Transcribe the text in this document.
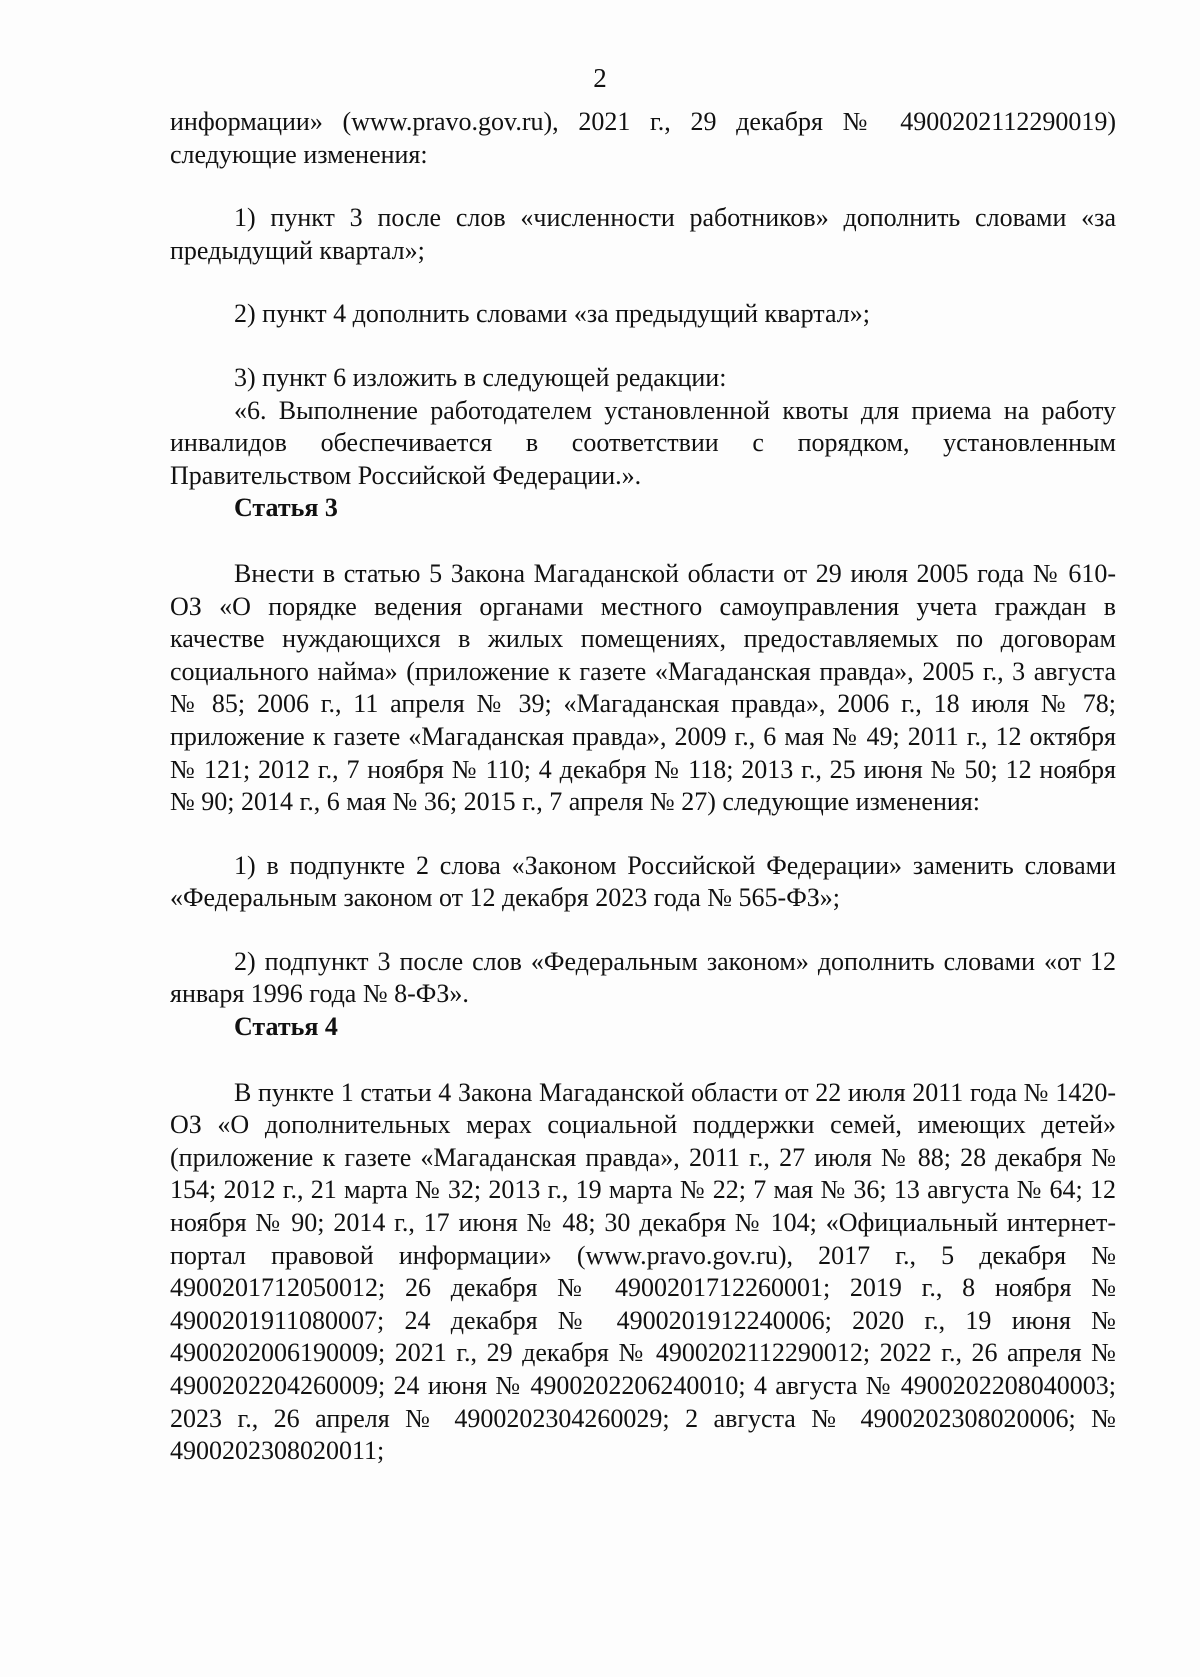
2

информации» (www.pravo.gov.ru), 2021 г., 29 декабря № 4900202112290019) следующие изменения:

1) пункт 3 после слов «численности работников» дополнить словами «за предыдущий квартал»;

2) пункт 4 дополнить словами «за предыдущий квартал»;

3) пункт 6 изложить в следующей редакции:

«6. Выполнение работодателем установленной квоты для приема на работу инвалидов обеспечивается в соответствии с порядком, установленным Правительством Российской Федерации.».

Статья 3

Внести в статью 5 Закона Магаданской области от 29 июля 2005 года № 610-ОЗ «О порядке ведения органами местного самоуправления учета граждан в качестве нуждающихся в жилых помещениях, предоставляемых по договорам социального найма» (приложение к газете «Магаданская правда», 2005 г., 3 августа № 85; 2006 г., 11 апреля № 39; «Магаданская правда», 2006 г., 18 июля № 78; приложение к газете «Магаданская правда», 2009 г., 6 мая № 49; 2011 г., 12 октября № 121; 2012 г., 7 ноября № 110; 4 декабря № 118; 2013 г., 25 июня № 50; 12 ноября № 90; 2014 г., 6 мая № 36; 2015 г., 7 апреля № 27) следующие изменения:

1) в подпункте 2 слова «Законом Российской Федерации» заменить словами «Федеральным законом от 12 декабря 2023 года № 565-ФЗ»;

2) подпункт 3 после слов «Федеральным законом» дополнить словами «от 12 января 1996 года № 8-ФЗ».

Статья 4

В пункте 1 статьи 4 Закона Магаданской области от 22 июля 2011 года № 1420-ОЗ «О дополнительных мерах социальной поддержки семей, имеющих детей» (приложение к газете «Магаданская правда», 2011 г., 27 июля № 88; 28 декабря № 154; 2012 г., 21 марта № 32; 2013 г., 19 марта № 22; 7 мая № 36; 13 августа № 64; 12 ноября № 90; 2014 г., 17 июня № 48; 30 декабря № 104; «Официальный интернет-портал правовой информации» (www.pravo.gov.ru), 2017 г., 5 декабря № 4900201712050012; 26 декабря № 4900201712260001; 2019 г., 8 ноября № 4900201911080007; 24 декабря № 4900201912240006; 2020 г., 19 июня № 4900202006190009; 2021 г., 29 декабря № 4900202112290012; 2022 г., 26 апреля № 4900202204260009; 24 июня № 4900202206240010; 4 августа № 4900202208040003; 2023 г., 26 апреля № 4900202304260029; 2 августа № 4900202308020006; № 4900202308020011;
